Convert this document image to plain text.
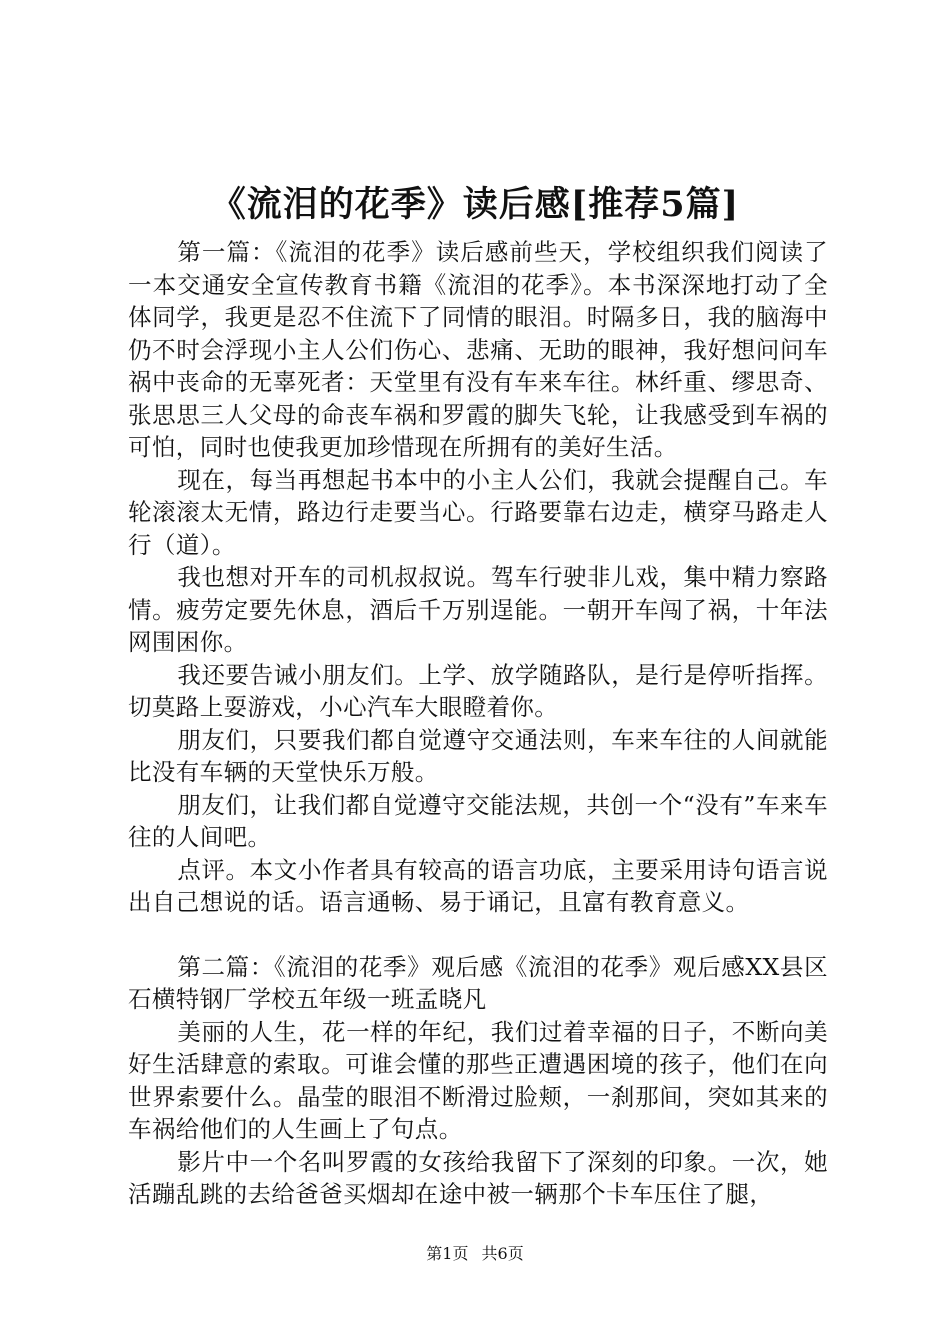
《流泪的花季》读后感[推荐5篇]

第一篇：《流泪的花季》读后感前些天，学校组织我们阅读了一本交通安全宣传教育书籍《流泪的花季》。本书深深地打动了全体同学，我更是忍不住流下了同情的眼泪。时隔多日，我的脑海中仍不时会浮现小主人公们伤心、悲痛、无助的眼神，我好想问问车祸中丧命的无辜死者：天堂里有没有车来车往。林纤重、缪思奇、张思思三人父母的命丧车祸和罗霞的脚失飞轮，让我感受到车祸的可怕，同时也使我更加珍惜现在所拥有的美好生活。

现在，每当再想起书本中的小主人公们，我就会提醒自己。车轮滚滚太无情，路边行走要当心。行路要靠右边走，横穿马路走人行（道）。

我也想对开车的司机叔叔说。驾车行驶非儿戏，集中精力察路情。疲劳定要先休息，酒后千万别逞能。一朝开车闯了祸，十年法网围困你。

我还要告诫小朋友们。上学、放学随路队，是行是停听指挥。切莫路上耍游戏，小心汽车大眼瞪着你。

朋友们，只要我们都自觉遵守交通法则，车来车往的人间就能比没有车辆的天堂快乐万般。

朋友们，让我们都自觉遵守交能法规，共创一个“没有”车来车往的人间吧。

点评。本文小作者具有较高的语言功底，主要采用诗句语言说出自己想说的话。语言通畅、易于诵记，且富有教育意义。

第二篇：《流泪的花季》观后感《流泪的花季》观后感XX县区石横特钢厂学校五年级一班孟晓凡

美丽的人生，花一样的年纪，我们过着幸福的日子，不断向美好生活肆意的索取。可谁会懂的那些正遭遇困境的孩子，他们在向世界索要什么。晶莹的眼泪不断滑过脸颊，一刹那间，突如其来的车祸给他们的人生画上了句点。

影片中一个名叫罗霞的女孩给我留下了深刻的印象。一次，她活蹦乱跳的去给爸爸买烟却在途中被一辆那个卡车压住了腿，

第1页 共6页
